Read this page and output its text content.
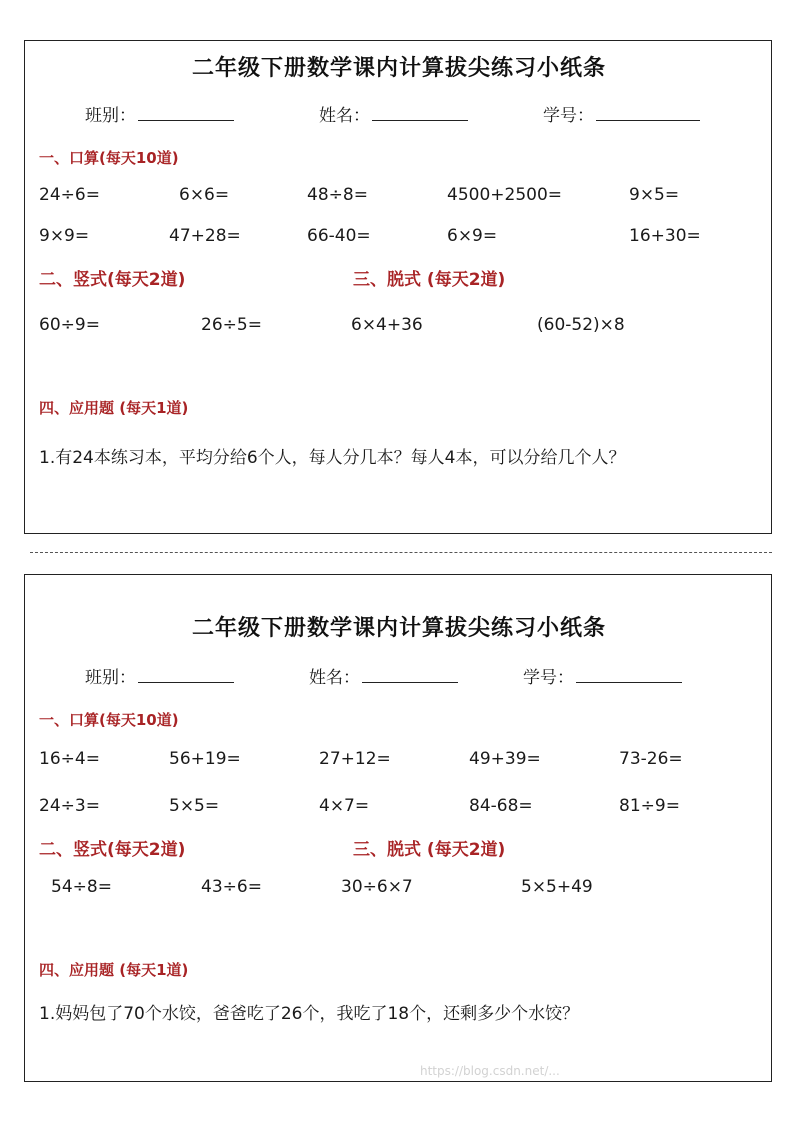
二年级下册数学课内计算拔尖练习小纸条
班别：	姓名：	学号：
一、口算(每天10道)
24÷6=	6×6=	48÷8=	4500+2500=	9×5=
9×9=	47+28=	66-40=	6×9=	16+30=
二、竖式(每天2道)	三、脱式 (每天2道)
60÷9=	26÷5=	6×4+36	(60-52)×8
四、应用题 (每天1道)
1.有24本练习本，平均分给6个人，每人分几本？每人4本，可以分给几个人？
二年级下册数学课内计算拔尖练习小纸条
班别：	姓名：	学号：
一、口算(每天10道)
16÷4=	56+19=	27+12=	49+39=	73-26=
24÷3=	5×5=	4×7=	84-68=	81÷9=
二、竖式(每天2道)	三、脱式 (每天2道)
54÷8=	43÷6=	30÷6×7	5×5+49
四、应用题 (每天1道)
1.妈妈包了70个水饺，爸爸吃了26个，我吃了18个，还剩多少个水饺？
https://blog.csdn.net/...
